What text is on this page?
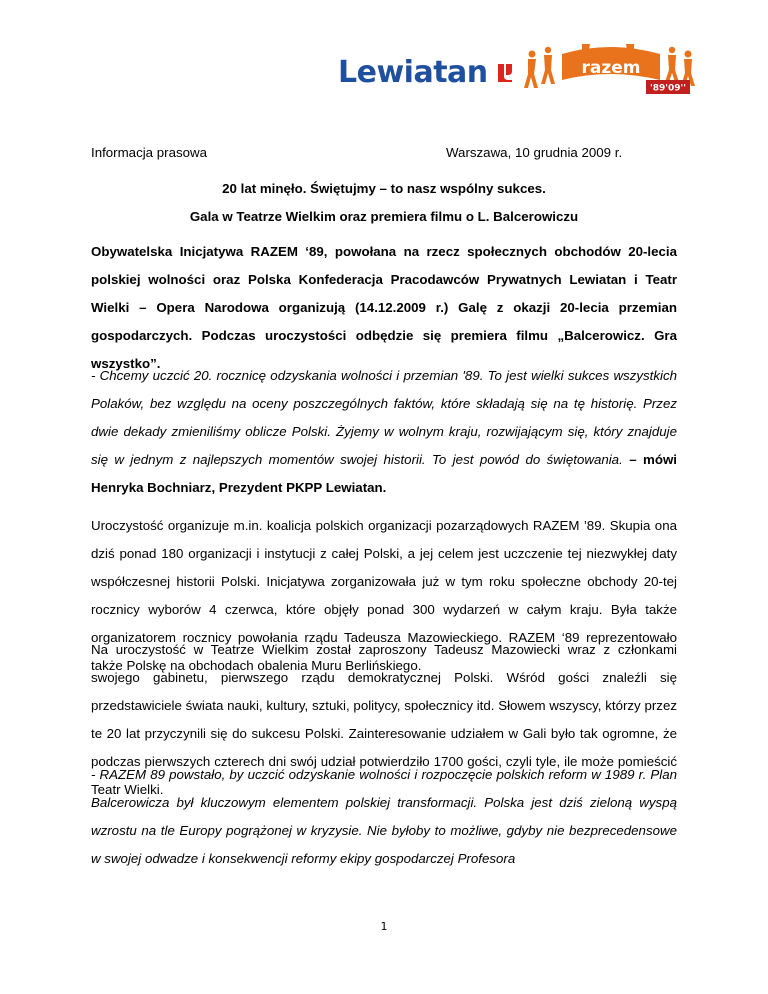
Lewiatan	razem
'89'09''
Informacja prasowa	Warszawa, 10 grudnia 2009 r.
20 lat minęło. Świętujmy – to nasz wspólny sukces.
Gala w Teatrze Wielkim oraz premiera filmu o L. Balcerowiczu

Obywatelska Inicjatywa RAZEM ‘89, powołana na rzecz społecznych obchodów 20-lecia polskiej wolności oraz Polska Konfederacja Pracodawców Prywatnych Lewiatan i Teatr Wielki – Opera Narodowa organizują (14.12.2009 r.) Galę z okazji 20-lecia przemian gospodarczych. Podczas uroczystości odbędzie się premiera filmu „Balcerowicz. Gra wszystko”.

- Chcemy uczcić 20. rocznicę odzyskania wolności i przemian '89. To jest wielki sukces wszystkich Polaków, bez względu na oceny poszczególnych faktów, które składają się na tę historię. Przez dwie dekady zmieniliśmy oblicze Polski. Żyjemy w wolnym kraju, rozwijającym się, który znajduje się w jednym z najlepszych momentów swojej historii. To jest powód do świętowania. – mówi Henryka Bochniarz, Prezydent PKPP Lewiatan.

Uroczystość organizuje m.in. koalicja polskich organizacji pozarządowych RAZEM ’89. Skupia ona dziś ponad 180 organizacji i instytucji z całej Polski, a jej celem jest uczczenie tej niezwykłej daty współczesnej historii Polski. Inicjatywa zorganizowała już w tym roku społeczne obchody 20-tej rocznicy wyborów 4 czerwca, które objęły ponad 300 wydarzeń w całym kraju. Była także organizatorem rocznicy powołania rządu Tadeusza Mazowieckiego. RAZEM ‘89 reprezentowało także Polskę na obchodach obalenia Muru Berlińskiego.

Na uroczystość w Teatrze Wielkim został zaproszony Tadeusz Mazowiecki wraz z członkami swojego gabinetu, pierwszego rządu demokratycznej Polski. Wśród gości znaleźli się przedstawiciele świata nauki, kultury, sztuki, politycy, społecznicy itd. Słowem wszyscy, którzy przez te 20 lat przyczynili się do sukcesu Polski. Zainteresowanie udziałem w Gali było tak ogromne, że podczas pierwszych czterech dni swój udział potwierdziło 1700 gości, czyli tyle, ile może pomieścić Teatr Wielki.

- RAZEM 89 powstało, by uczcić odzyskanie wolności i rozpoczęcie polskich reform w 1989 r. Plan Balcerowicza był kluczowym elementem polskiej transformacji. Polska jest dziś zieloną wyspą wzrostu na tle Europy pogrążonej w kryzysie. Nie byłoby to możliwe, gdyby nie bezprecedensowe w swojej odwadze i konsekwencji reformy ekipy gospodarczej Profesora

1
